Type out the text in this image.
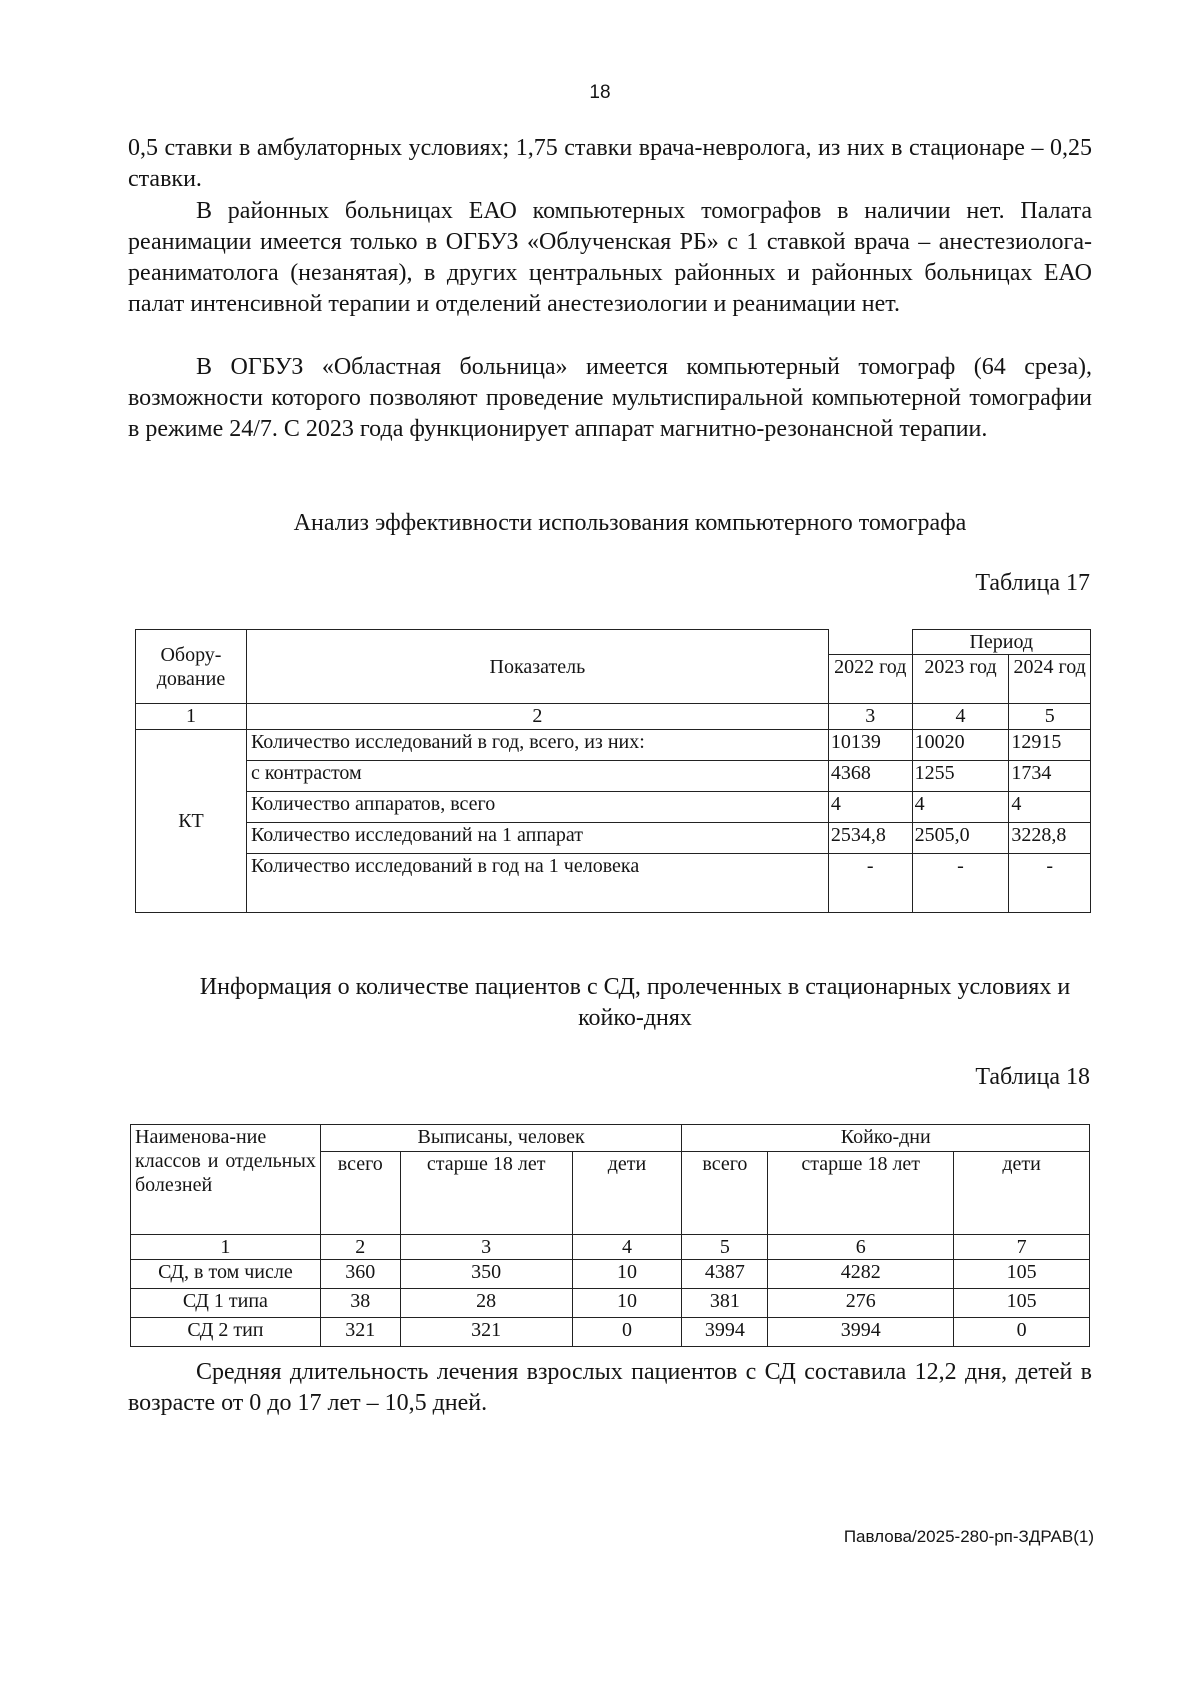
18

0,5 ставки в амбулаторных условиях; 1,75 ставки врача-невролога, из них в стационаре – 0,25 ставки.

В районных больницах ЕАО компьютерных томографов в наличии нет. Палата реанимации имеется только в ОГБУЗ «Облученская РБ» с 1 ставкой врача – анестезиолога-реаниматолога (незанятая), в других центральных районных и районных больницах ЕАО палат интенсивной терапии и отделений анестезиологии и реанимации нет.

В ОГБУЗ «Областная больница» имеется компьютерный томограф (64 среза), возможности которого позволяют проведение мультиспиральной компьютерной томографии в режиме 24/7. С 2023 года функционирует аппарат магнитно-резонансной терапии.

Анализ эффективности использования компьютерного томографа
Таблица 17
Обору-
дование	Показатель		Период	
		2022 год	2023 год	2024 год
1	2	3	4	5
КТ	Количество исследований в год, всего, из них:	10139	10020	12915
	с контрастом	4368	1255	1734
	Количество аппаратов, всего	4	4	4
	Количество исследований на 1 аппарат	2534,8	2505,0	3228,8
	Количество исследований в год на 1 человека	-	-	-
Информация о количестве пациентов с СД, пролеченных в стационарных условиях и койко-днях
Таблица 18
Наименова-ние классов и отдельных болезней	Выписаны, человек			Койко-дни		
	всего	старше 18 лет	дети	всего	старше 18 лет	дети
1	2	3	4	5	6	7
СД, в том числе	360	350	10	4387	4282	105
СД 1 типа	38	28	10	381	276	105
СД 2 тип	321	321	0	3994	3994	0

Средняя длительность лечения взрослых пациентов с СД составила 12,2 дня, детей в возрасте от 0 до 17 лет – 10,5 дней.

Павлова/2025-280-рп-ЗДРАВ(1)
